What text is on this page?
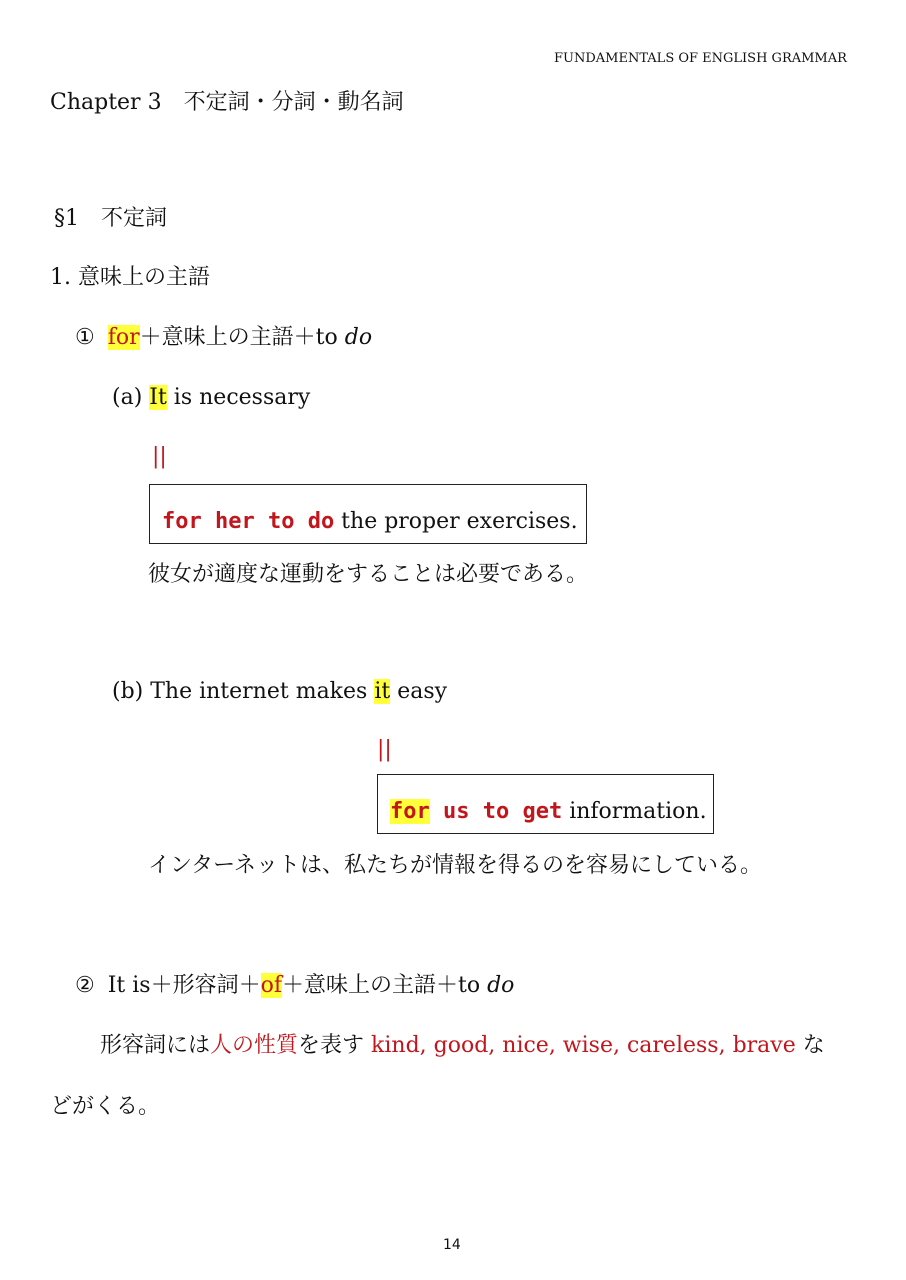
FUNDAMENTALS OF ENGLISH GRAMMAR
Chapter 3　不定詞・分詞・動名詞
§1　不定詞
1. 意味上の主語
① for＋意味上の主語＋to do
(a) It is necessary
||
for her to do the proper exercises.
彼女が適度な運動をすることは必要である。
(b) The internet makes it easy
||
for us to get information.
インターネットは、私たちが情報を得るのを容易にしている。
② It is＋形容詞＋of＋意味上の主語＋to do
形容詞には人の性質を表す kind, good, nice, wise, careless, brave な
どがくる。
14
